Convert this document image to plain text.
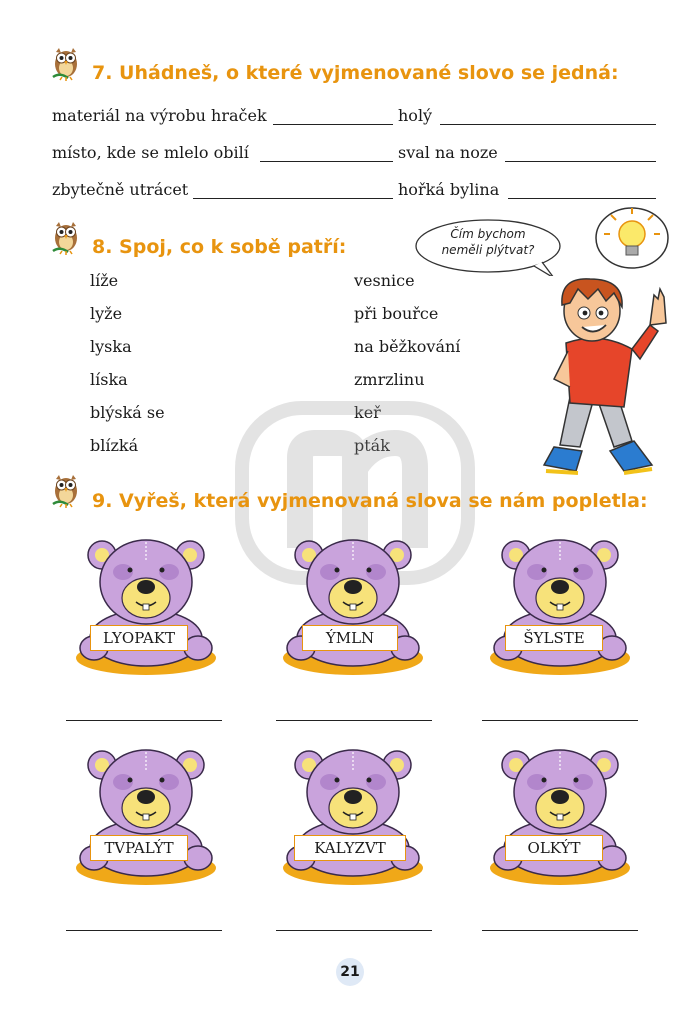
7. Uhádneš, o které vyjmenované slovo se jedná:
materiál na výrobu hraček	holý
místo, kde se mlelo obilí	sval na noze
zbytečně utrácet	hořká bylina
8. Spoj, co k sobě patří:
líže
lyže
lyska
líska
blýská se
blízká
vesnice
při bouřce
na běžkování
zmrzlinu
keř
pták
Čím bychom
neměli plýtvat?
9. Vyřeš, která vyjmenovaná slova se nám popletla:
LYOPAKT	ÝMLN	ŠYLSTE
TVPALÝT	KALYZVT	OLKÝT
21
